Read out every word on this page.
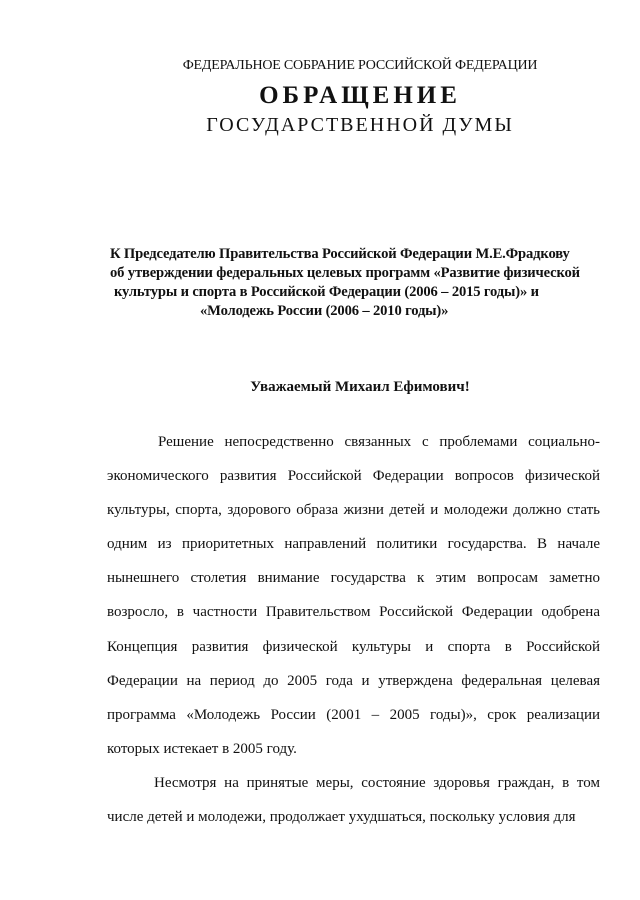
ФЕДЕРАЛЬНОЕ СОБРАНИЕ РОССИЙСКОЙ ФЕДЕРАЦИИ
ОБРАЩЕНИЕ
ГОСУДАРСТВЕННОЙ ДУМЫ
К Председателю Правительства Российской Федерации М.Е.Фрадкову
об утверждении федеральных целевых программ «Развитие физической
культуры и спорта в Российской Федерации (2006 – 2015 годы)» и
«Молодежь России (2006 – 2010 годы)»
Уважаемый Михаил Ефимович!

Решение непосредственно связанных с проблемами социально-экономического развития Российской Федерации вопросов физической культуры, спорта, здорового образа жизни детей и молодежи должно стать одним из приоритетных направлений политики государства. В начале нынешнего столетия внимание государства к этим вопросам заметно возросло, в частности Правительством Российской Федерации одобрена Концепция развития физической культуры и спорта в Российской Федерации на период до 2005 года и утверждена федеральная целевая программа «Молодежь России (2001 – 2005 годы)», срок реализации которых истекает в 2005 году.

Несмотря на принятые меры, состояние здоровья граждан, в том числе детей и молодежи, продолжает ухудшаться, поскольку условия для
